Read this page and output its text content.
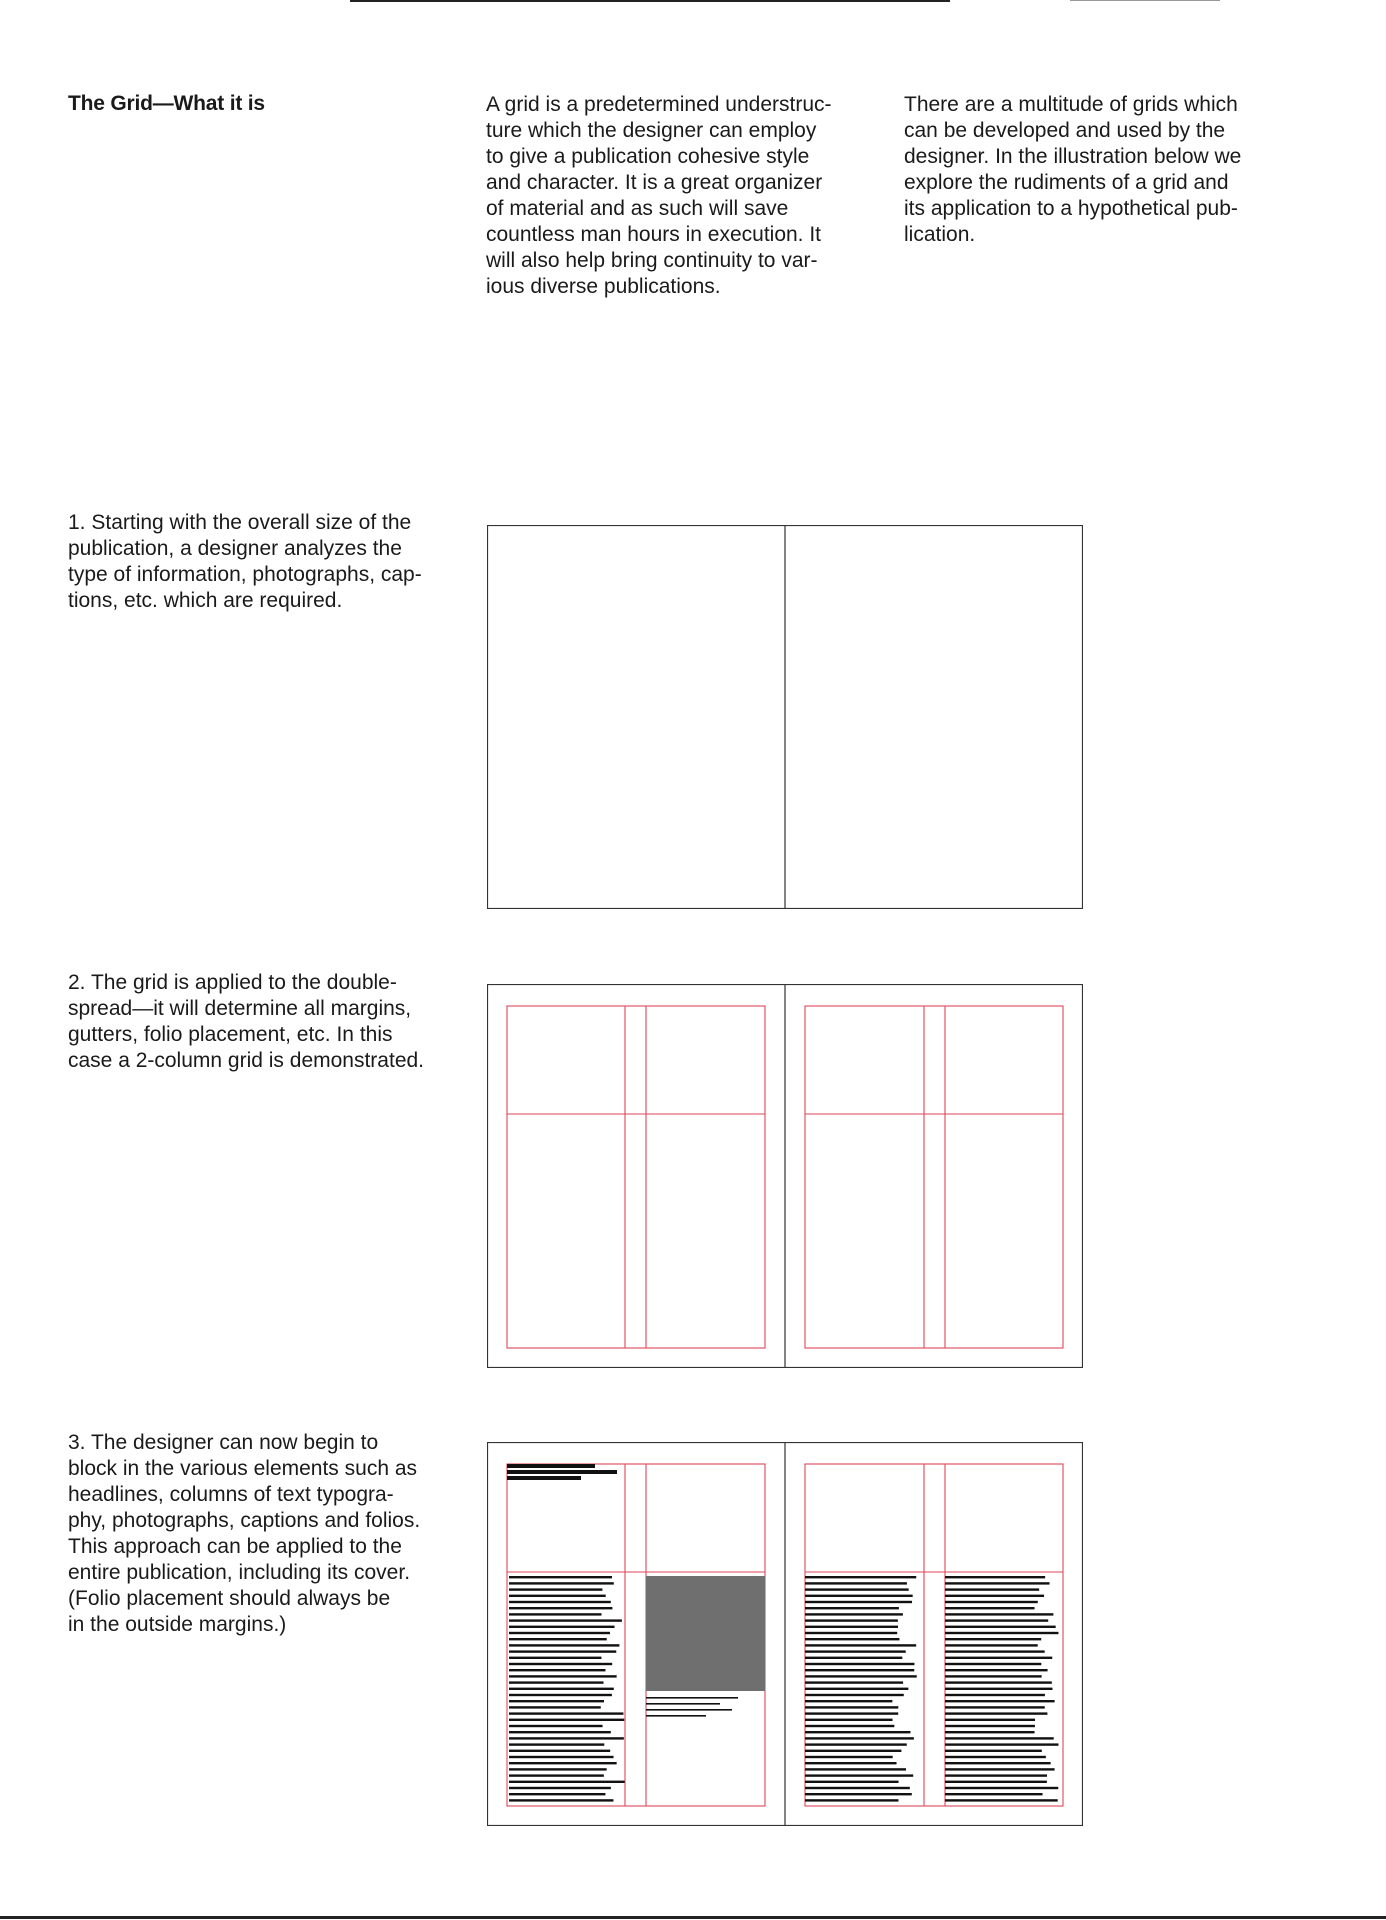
The Grid—What it is	A grid is a predetermined understruc-
ture which the designer can employ
to give a publication cohesive style
and character. It is a great organizer
of material and as such will save
countless man hours in execution. It
will also help bring continuity to var-
ious diverse publications.

There are a multitude of grids which
can be developed and used by the
designer. In the illustration below we
explore the rudiments of a grid and
its application to a hypothetical pub-
lication.

1. Starting with the overall size of the
publication, a designer analyzes the
type of information, photographs, cap-
tions, etc. which are required.

2. The grid is applied to the double-
spread—it will determine all margins,
gutters, folio placement, etc. In this
case a 2-column grid is demonstrated.

3. The designer can now begin to
block in the various elements such as
headlines, columns of text typogra-
phy, photographs, captions and folios.
This approach can be applied to the
entire publication, including its cover.
(Folio placement should always be
in the outside margins.)
